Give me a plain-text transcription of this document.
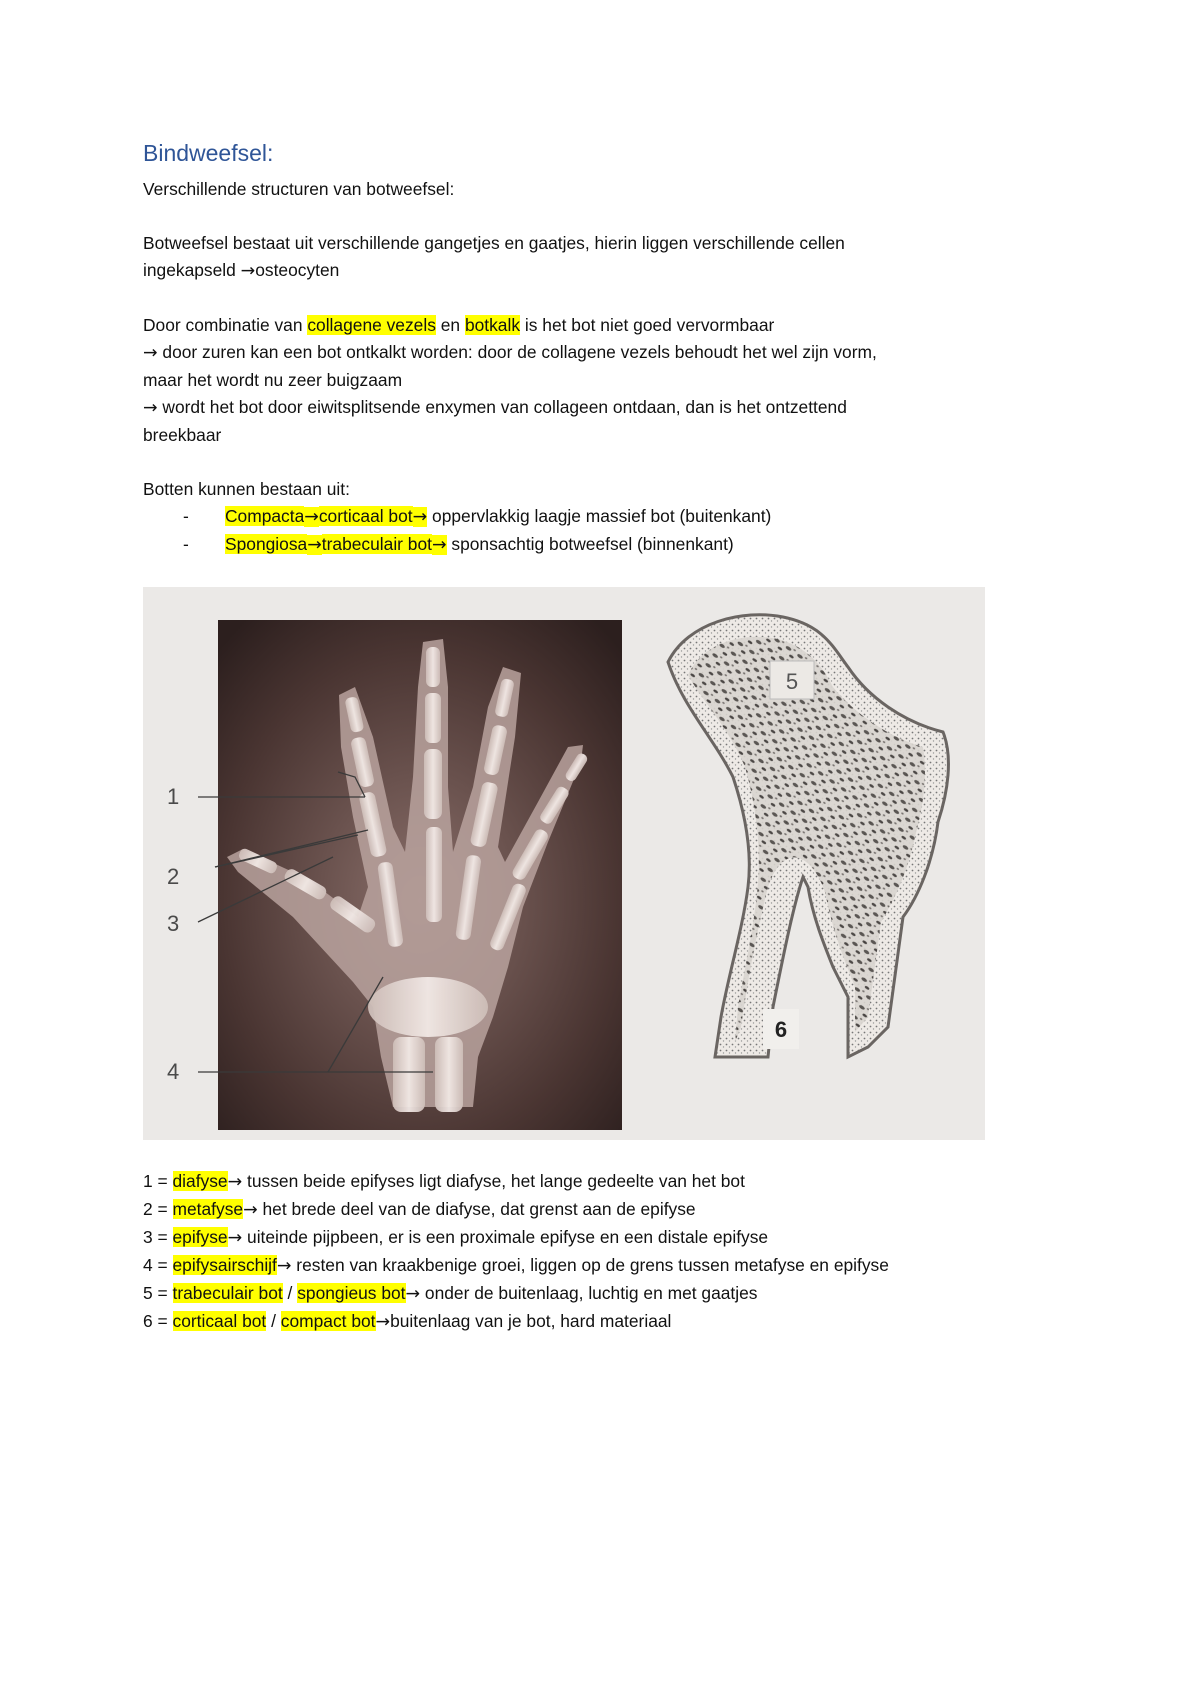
Bindweefsel:

Verschillende structuren van botweefsel:

Botweefsel bestaat uit verschillende gangetjes en gaatjes, hierin liggen verschillende cellen

ingekapseld →osteocyten

Door combinatie van collagene vezels en botkalk is het bot niet goed vervormbaar

→ door zuren kan een bot ontkalkt worden: door de collagene vezels behoudt het wel zijn vorm,

maar het wordt nu zeer buigzaam

→ wordt het bot door eiwitsplitsende enxymen van collageen ontdaan, dan is het ontzettend

breekbaar

Botten kunnen bestaan uit:

- Compacta→corticaal bot→ oppervlakkig laagje massief bot (buitenkant)

- Spongiosa→trabeculair bot→ sponsachtig botweefsel (binnenkant)

1
2
3
4
5
6

1 = diafyse→ tussen beide epifyses ligt diafyse, het lange gedeelte van het bot

2 = metafyse→ het brede deel van de diafyse, dat grenst aan de epifyse

3 = epifyse→ uiteinde pijpbeen, er is een proximale epifyse en een distale epifyse

4 = epifysairschijf→ resten van kraakbenige groei, liggen op de grens tussen metafyse en epifyse

5 = trabeculair bot / spongieus bot→ onder de buitenlaag, luchtig en met gaatjes

6 = corticaal bot / compact bot→buitenlaag van je bot, hard materiaal
